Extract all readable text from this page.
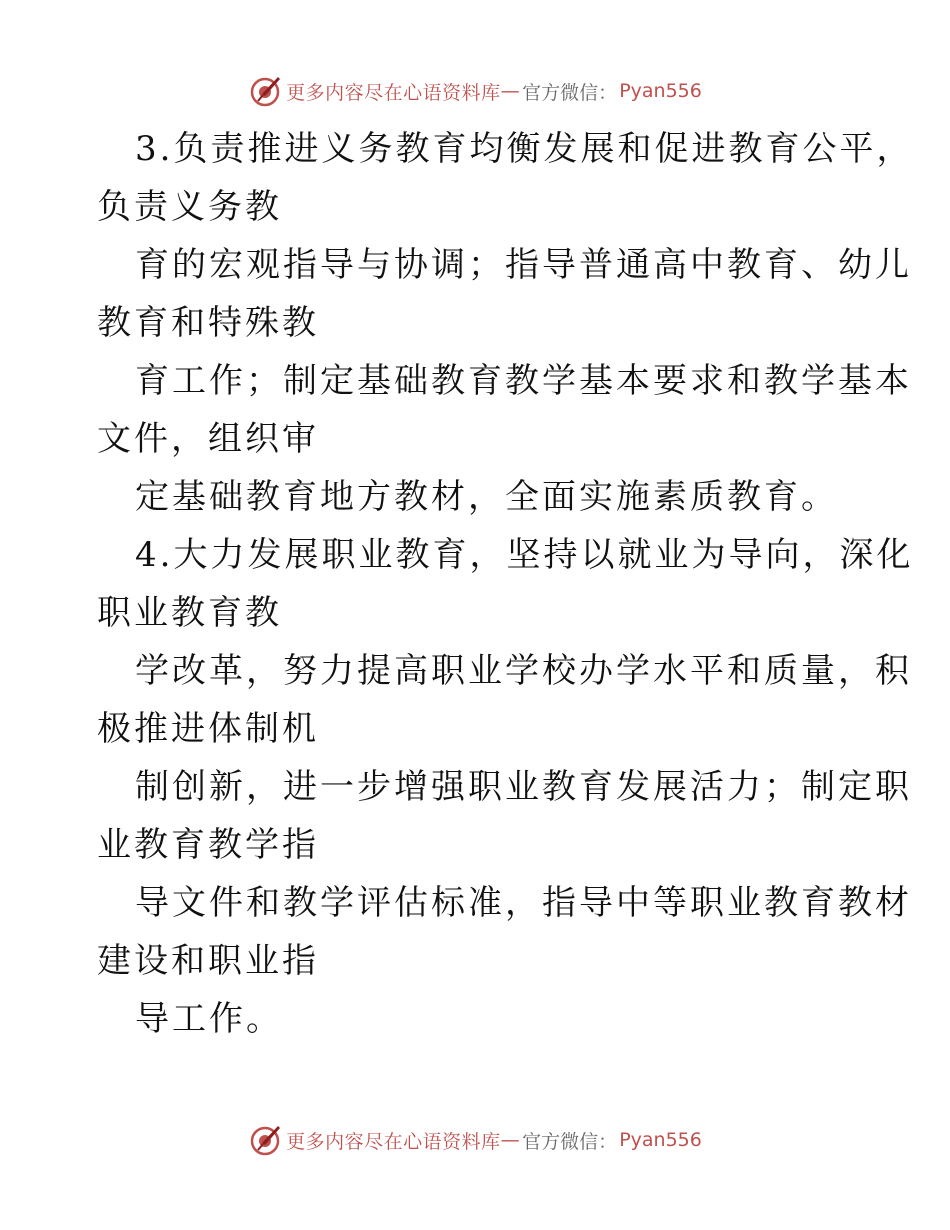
更多内容尽在心语资料库 — 官方微信： Pyan556
3.负责推进义务教育均衡发展和促进教育公平，
负责义务教
育的宏观指导与协调；指导普通高中教育、幼儿
教育和特殊教
育工作；制定基础教育教学基本要求和教学基本
文件，组织审
定基础教育地方教材，全面实施素质教育。
4.大力发展职业教育，坚持以就业为导向，深化
职业教育教
学改革，努力提高职业学校办学水平和质量，积
极推进体制机
制创新，进一步增强职业教育发展活力；制定职
业教育教学指
导文件和教学评估标准，指导中等职业教育教材
建设和职业指
导工作。
更多内容尽在心语资料库 — 官方微信： Pyan556
